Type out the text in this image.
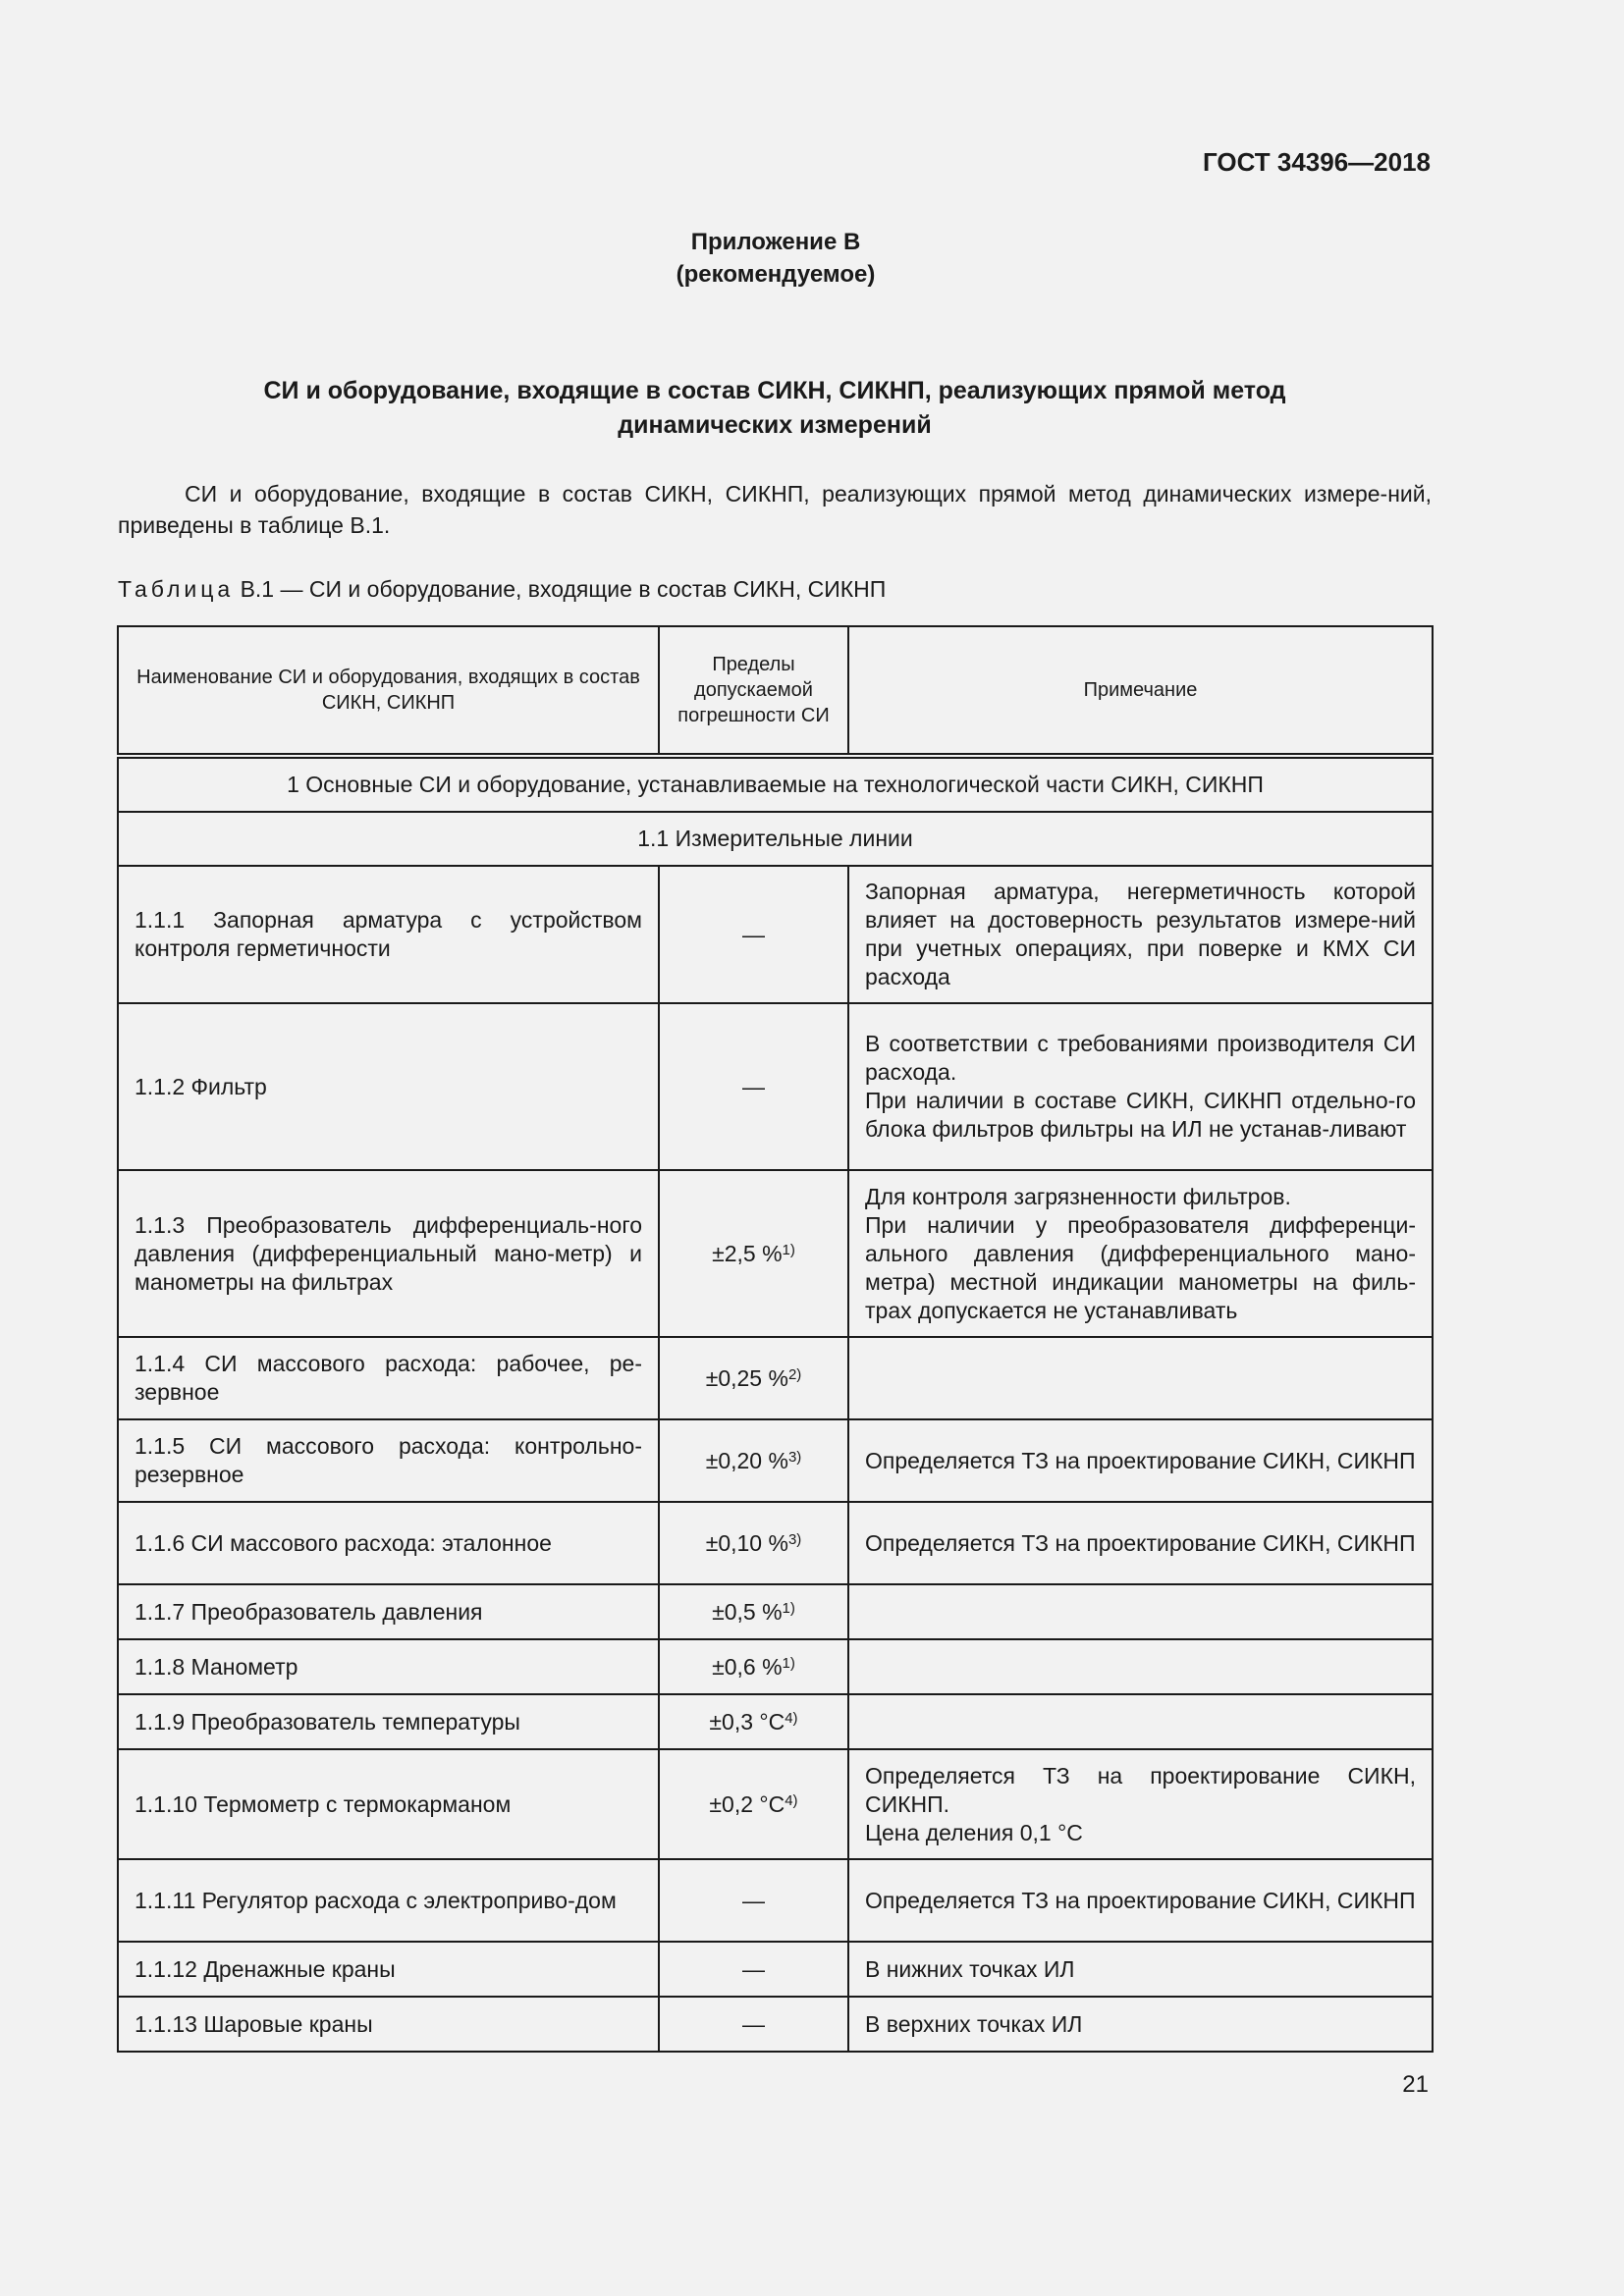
ГОСТ 34396—2018
Приложение В
(рекомендуемое)
СИ и оборудование, входящие в состав СИКН, СИКНП, реализующих прямой метод
динамических измерений

СИ и оборудование, входящие в состав СИКН, СИКНП, реализующих прямой метод динамических измере-ний, приведены в таблице В.1.

Таблица В.1 — СИ и оборудование, входящие в состав СИКН, СИКНП
Наименование СИ и оборудования, входящих в состав СИКН, СИКНП	Пределы допускаемой погрешности СИ	Примечание
1 Основные СИ и оборудование, устанавливаемые на технологической части СИКН, СИКНП		
1.1 Измерительные линии		
1.1.1 Запорная арматура с устройством контроля герметичности	—	Запорная арматура, негерметичность которой влияет на достоверность результатов измере-ний при учетных операциях, при поверке и КМХ СИ расхода
1.1.2 Фильтр	—	В соответствии с требованиями производителя СИ расхода.
При наличии в составе СИКН, СИКНП отдельно-го блока фильтров фильтры на ИЛ не устанав-ливают
1.1.3 Преобразователь дифференциаль-ного давления (дифференциальный мано-метр) и манометры на фильтрах	±2,5 %$^{1)}$	Для контроля загрязненности фильтров.
При наличии у преобразователя дифференци-ального давления (дифференциального мано-метра) местной индикации манометры на филь-трах допускается не устанавливать
1.1.4 СИ массового расхода: рабочее, ре-зервное	±0,25 %$^{2)}$	
1.1.5 СИ массового расхода: контрольно-резервное	±0,20 %$^{3)}$	Определяется ТЗ на проектирование СИКН, СИКНП
1.1.6 СИ массового расхода: эталонное	±0,10 %$^{3)}$	Определяется ТЗ на проектирование СИКН, СИКНП
1.1.7 Преобразователь давления	±0,5 %$^{1)}$	
1.1.8 Манометр	±0,6 %$^{1)}$	
1.1.9 Преобразователь температуры	±0,3 $^\circ С^{4)}$	
1.1.10 Термометр с термокарманом	±0,2 $^\circ С^{4)}$	Определяется ТЗ на проектирование СИКН, СИКНП.
Цена деления 0,1 °С
1.1.11 Регулятор расхода с электроприво-дом	—	Определяется ТЗ на проектирование СИКН, СИКНП
1.1.12 Дренажные краны	—	В нижних точках ИЛ
1.1.13 Шаровые краны	—	В верхних точках ИЛ
21
